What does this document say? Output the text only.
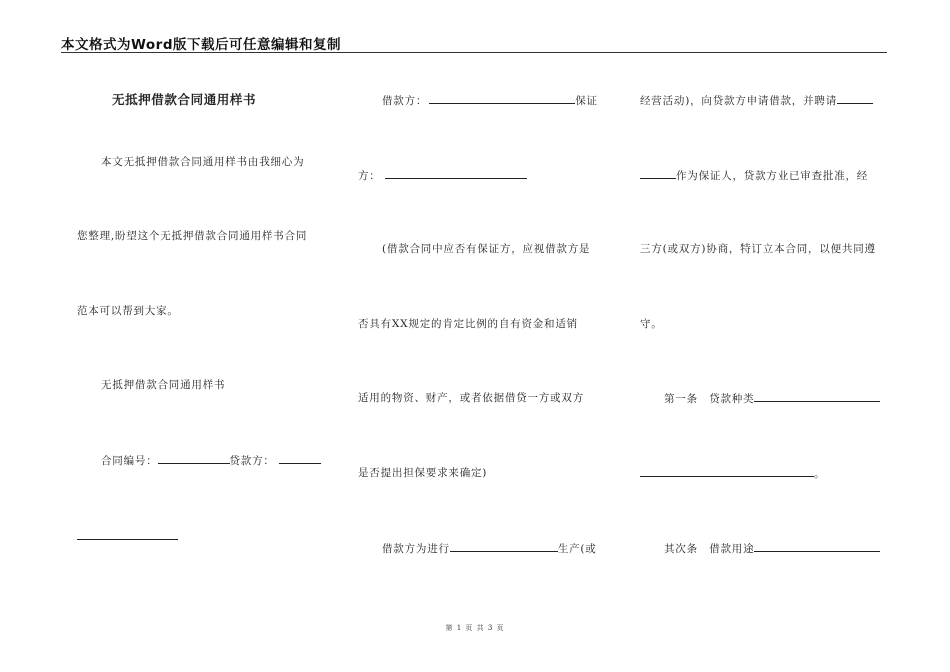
本文格式为Word版下载后可任意编辑和复制
无抵押借款合同通用样书
本文无抵押借款合同通用样书由我细心为
您整理,盼望这个无抵押借款合同通用样书合同
范本可以帮到大家。
无抵押借款合同通用样书
合同编号：	贷款方：
借款方：	保证
方：
(借款合同中应否有保证方，应视借款方是
否具有XX规定的肯定比例的自有资金和适销
适用的物资、财产，或者依据借贷一方或双方
是否提出担保要求来确定)
借款方为进行	生产(或
经营活动)，向贷款方申请借款，并聘请
作为保证人，贷款方业已审查批准，经
三方(或双方)协商，特订立本合同，以便共同遵
守。
第一条　贷款种类
。
其次条　借款用途
第 1 页 共 3 页
